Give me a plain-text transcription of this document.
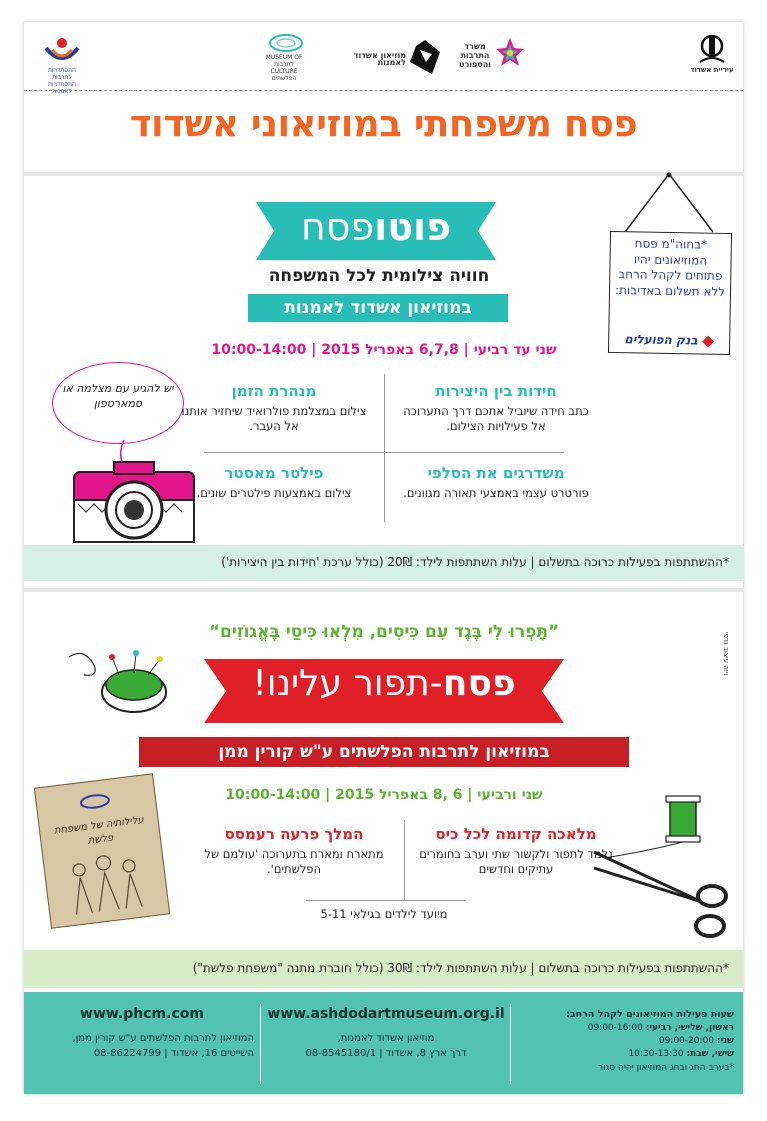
ההסתדרות לתרבות ההסתדרות לאמנות
MUSEUM OF
לתרבות
CULTURE
הפלשתים
מוזיאון אשדוד לאמנות
משרד התרבות והספורט
עיריית אשדוד
פסח משפחתי במוזיאוני אשדוד
פוטופסח
חוויה צילומית לכל המשפחה
במוזיאון אשדוד לאמנות
שני עד רביעי | 6,7,8 באפריל 2015 | 10:00-14:00
*בחוה"מ פסח המוזיאונים יהיו פתוחים לקהל הרחב ללא תשלום באדיבות:
בנק הפועלים
יש להגיע עם מצלמה או סמארטפון
חידות בין היצירות
כתב חידה שיוביל אתכם דרך התערוכה אל פעילויות הצילום.
מנהרת הזמן
צילום במצלמת פולרואיד שיחזיר אותנו אל העבר.
משדרגים את הסלפי
פורטרט עצמי באמצעי תאורה מגוונים.
פילטר מאסטר
צילום באמצעות פילטרים שונים.
*ההשתתפות בפעילות כרוכה בתשלום | עלות השתתפות לילד: 20₪ (כולל ערכת 'חידות בין היצירות')
”תָּפְרוּ לִי בֶּגֶד עִם כִּיסִים, מִלְאוּ כִּיסַי בֶּאֱגוֹזִים“
פסח-תפור עלינו!
במוזיאון לתרבות הפלשתים ע"ש קורין ממן
שני ורביעי | 6 ,8 באפריל 2015 | 10:00-14:00
ויוה עיצוב גרפי
עלילותיה של משפחת פלשת	מלאכה קדומה לכל כיס
נלמד לתפור ולקשור שתי וערב בחומרים עתיקים וחדשים
המלך פרעה רעמסס
מתארח ומארח בתערוכה 'עולמם של הפלשתים'.
מיועד לילדים בגילאי 5-11
*ההשתתפות בפעילות כרוכה בתשלום | עלות השתתפות לילד: 30₪ (כולל חוברת מתנה "משפחת פלשת")
שעות פעילות המוזיאונים לקהל הרחב:
ראשון, שלישי, רביעי: 09:00-16:00
שני: 09:00-20:00
שישי, שבת: 10:30-13:30
*בערב החג ובחג המוזיאון יהיה סגור
www.ashdodartmuseum.org.il
מוזיאון אשדוד לאמנות,
דרך ארץ 8, אשדוד | 08-8545180/1
www.phcm.com
המוזיאון לתרבות הפלשתים ע"ש קורין ממן,
השייטים 16, אשדוד | 08-86224799
